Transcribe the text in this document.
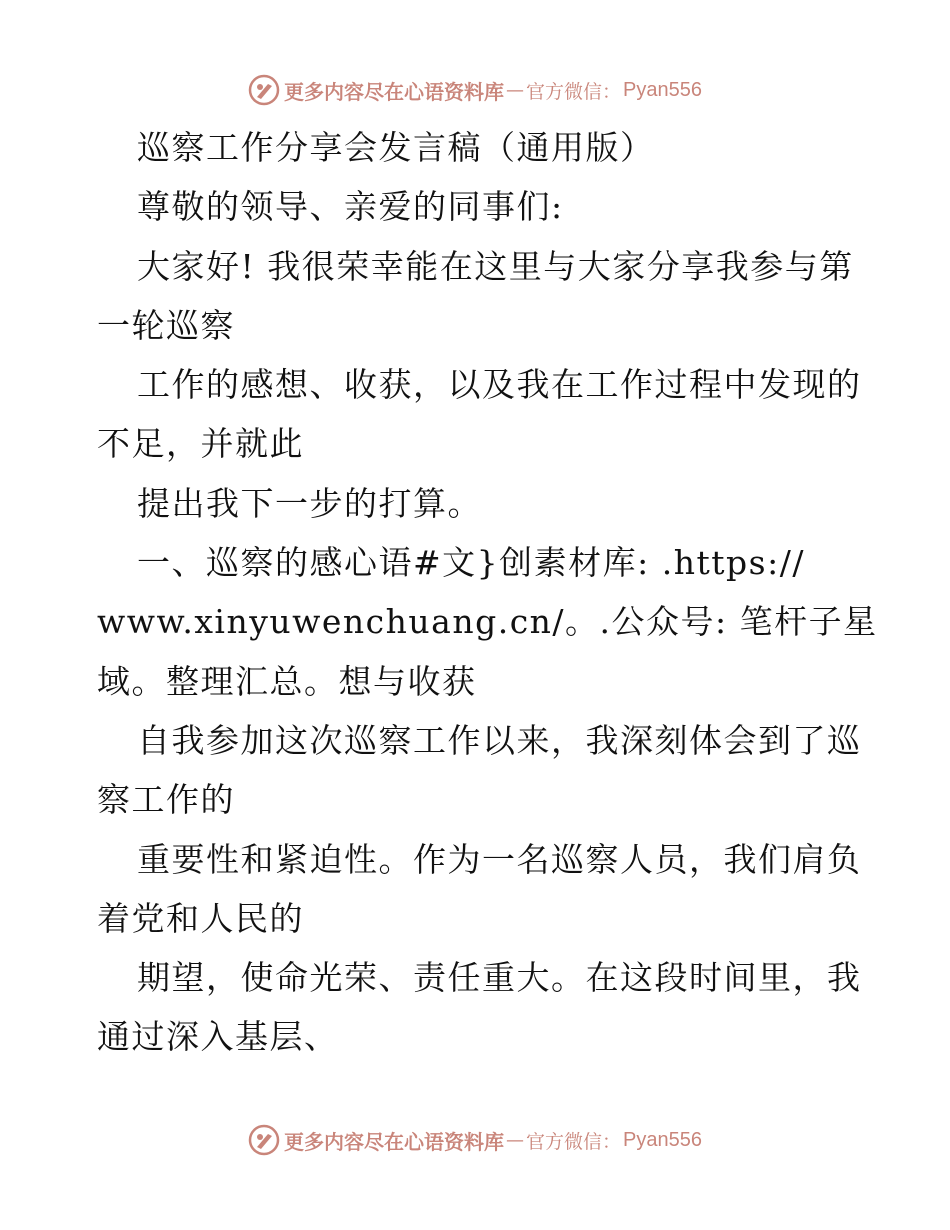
更多内容尽在心语资料库 — 官方微信： Pyan556
巡察工作分享会发言稿（通用版）
尊敬的领导、亲爱的同事们:
大家好! 我很荣幸能在这里与大家分享我参与第
一轮巡察
工作的感想、收获，以及我在工作过程中发现的
不足，并就此
提出我下一步的打算。
一、巡察的感心语#文}创素材库: .https://
www.xinyuwenchuang.cn/。.公众号: 笔杆子星
域。整理汇总。想与收获
自我参加这次巡察工作以来，我深刻体会到了巡
察工作的
重要性和紧迫性。作为一名巡察人员，我们肩负
着党和人民的
期望，使命光荣、责任重大。在这段时间里，我
通过深入基层、
更多内容尽在心语资料库 — 官方微信： Pyan556
